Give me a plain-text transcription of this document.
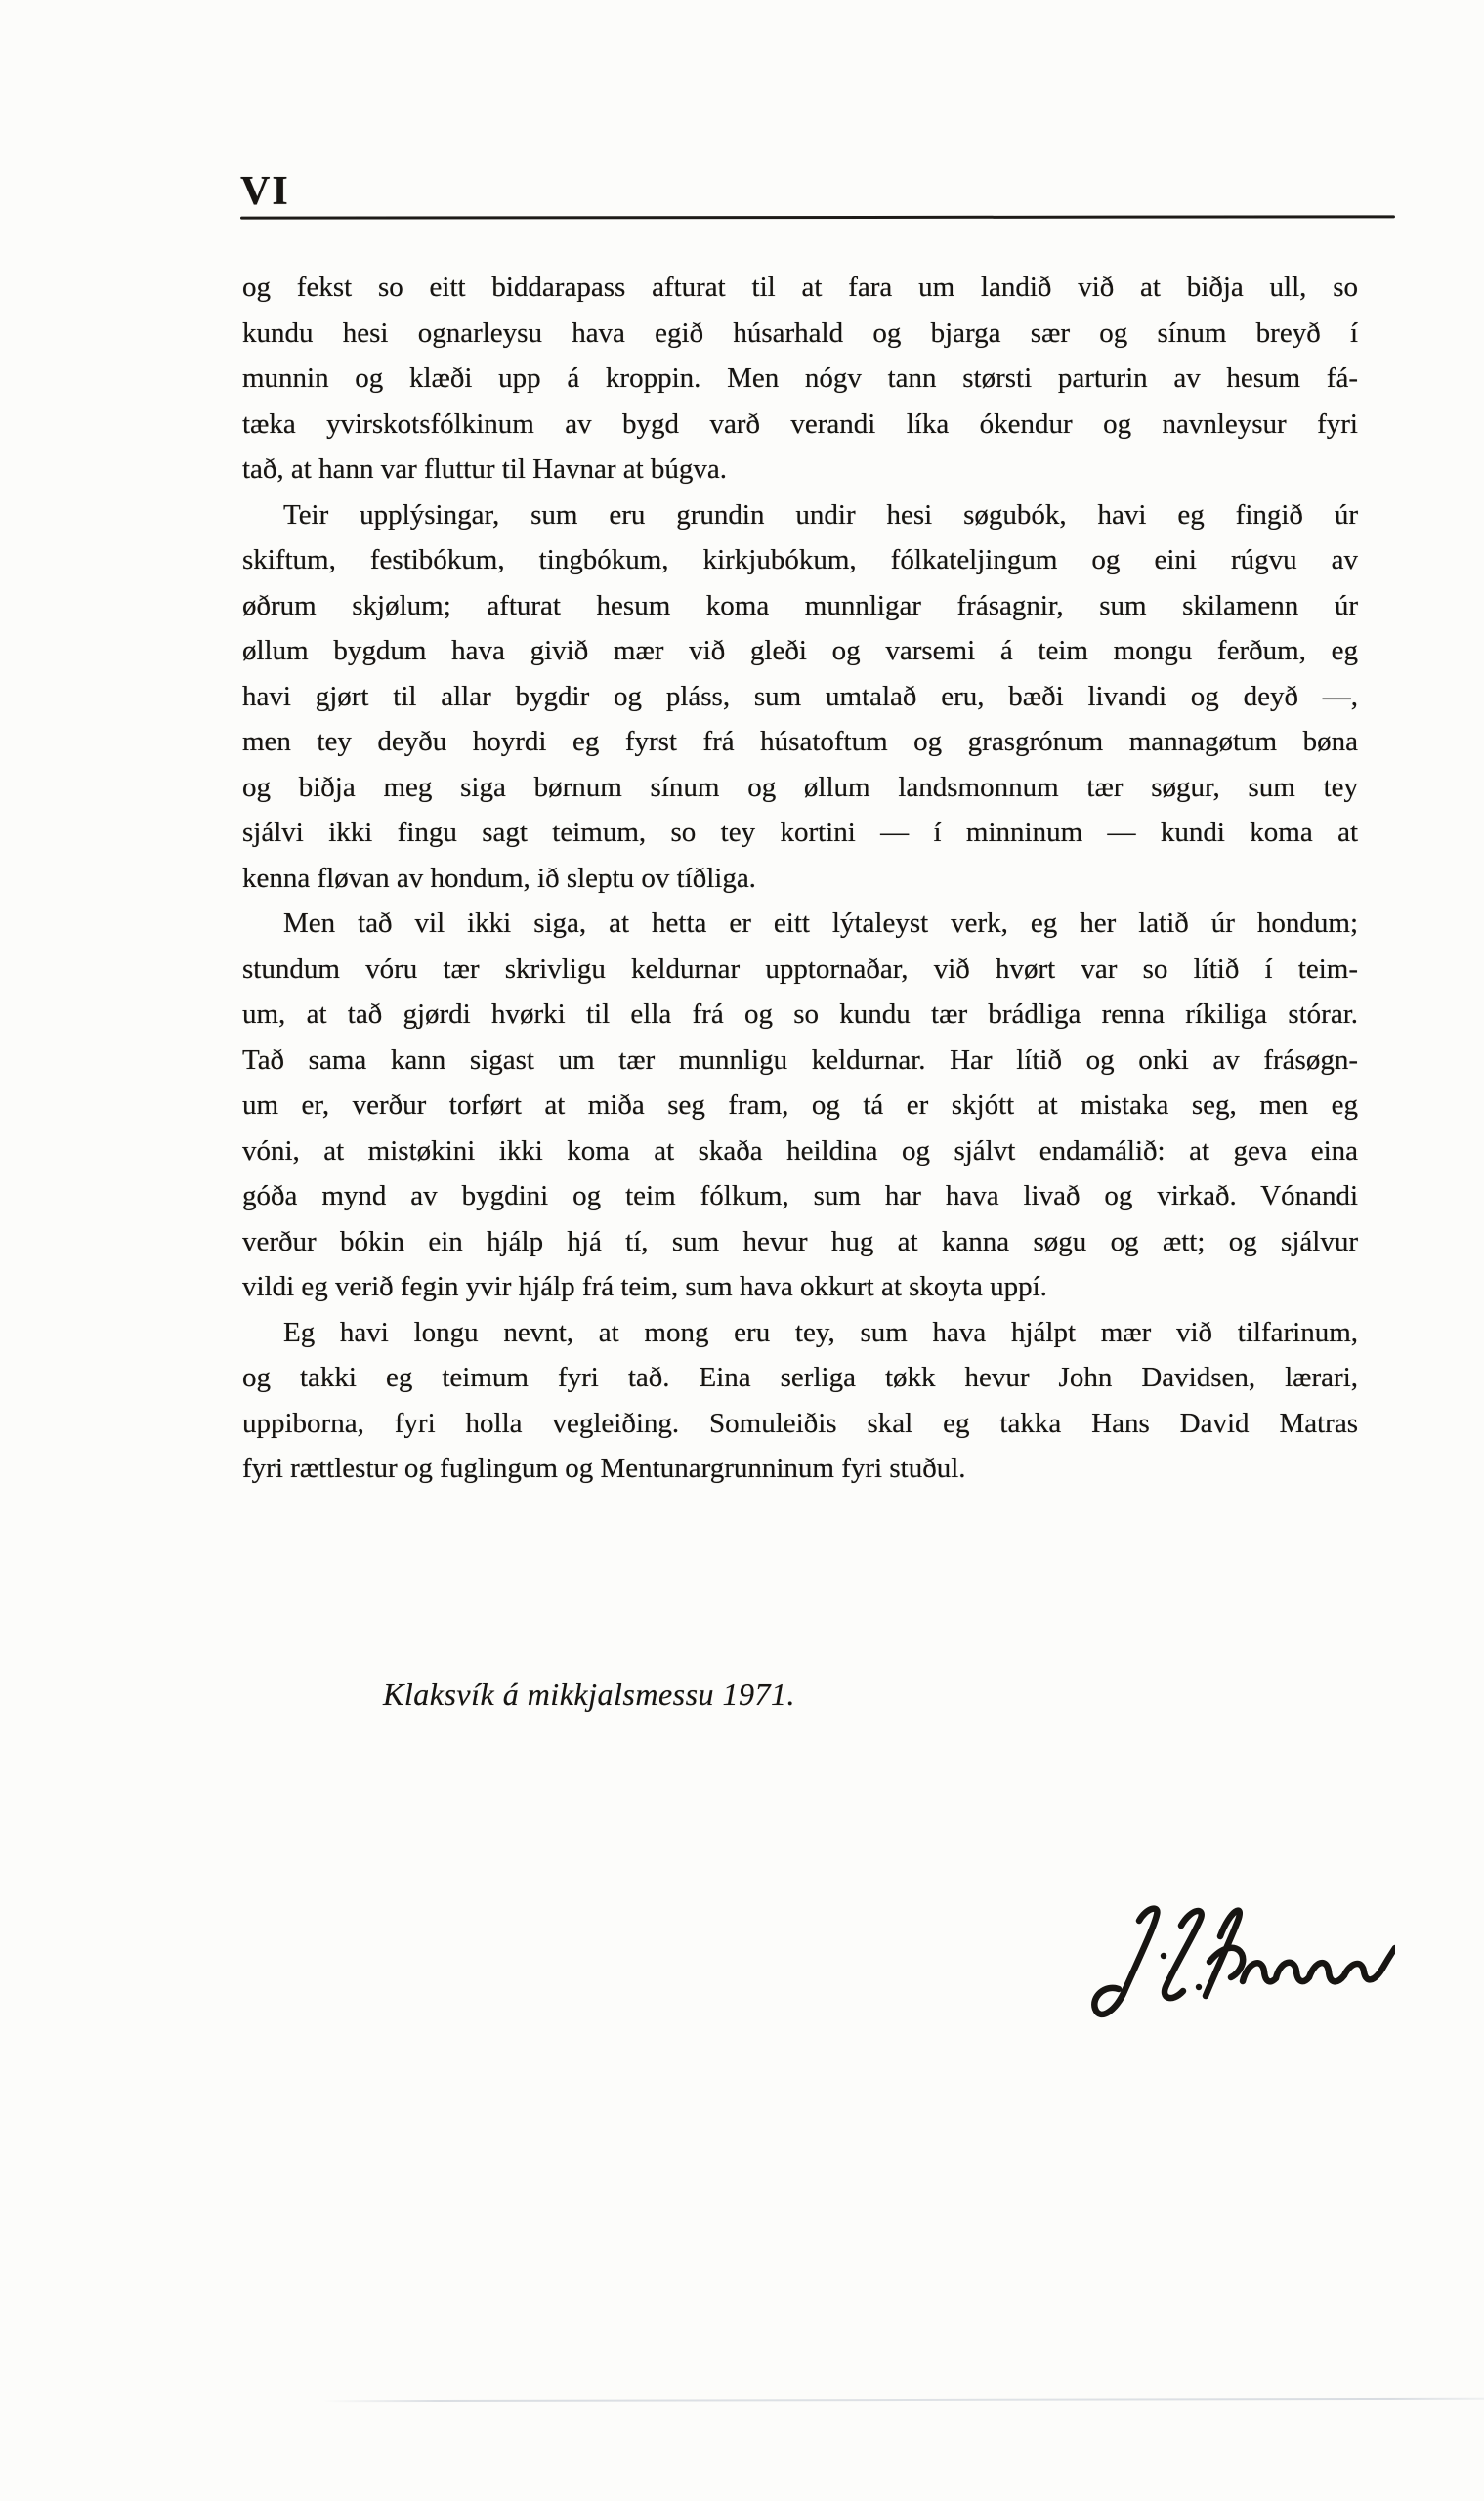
VI
og fekst so eitt biddarapass afturat til at fara um landið við at biðja ull, so
kundu hesi ognarleysu hava egið húsarhald og bjarga sær og sínum breyð í
munnin og klæði upp á kroppin. Men nógv tann størsti parturin av hesum fá-
tæka yvirskotsfólkinum av bygd varð verandi líka ókendur og navnleysur fyri
tað, at hann var fluttur til Havnar at búgva.
Teir upplýsingar, sum eru grundin undir hesi søgubók, havi eg fingið úr
skiftum, festibókum, tingbókum, kirkjubókum, fólkateljingum og eini rúgvu av
øðrum skjølum; afturat hesum koma munnligar frásagnir, sum skilamenn úr
øllum bygdum hava givið mær við gleði og varsemi á teim mongu ferðum, eg
havi gjørt til allar bygdir og pláss, sum umtalað eru, bæði livandi og deyð —,
men tey deyðu hoyrdi eg fyrst frá húsatoftum og grasgrónum mannagøtum bøna
og biðja meg siga børnum sínum og øllum landsmonnum tær søgur, sum tey
sjálvi ikki fingu sagt teimum, so tey kortini — í minninum — kundi koma at
kenna fløvan av hondum, ið sleptu ov tíðliga.
Men tað vil ikki siga, at hetta er eitt lýtaleyst verk, eg her latið úr hondum;
stundum vóru tær skrivligu keldurnar upptornaðar, við hvørt var so lítið í teim-
um, at tað gjørdi hvørki til ella frá og so kundu tær brádliga renna ríkiliga stórar.
Tað sama kann sigast um tær munnligu keldurnar. Har lítið og onki av frásøgn-
um er, verður torført at miða seg fram, og tá er skjótt at mistaka seg, men eg
vóni, at mistøkini ikki koma at skaða heildina og sjálvt endamálið: at geva eina
góða mynd av bygdini og teim fólkum, sum har hava livað og virkað. Vónandi
verður bókin ein hjálp hjá tí, sum hevur hug at kanna søgu og ætt; og sjálvur
vildi eg verið fegin yvir hjálp frá teim, sum hava okkurt at skoyta uppí.
Eg havi longu nevnt, at mong eru tey, sum hava hjálpt mær við tilfarinum,
og takki eg teimum fyri tað. Eina serliga tøkk hevur John Davidsen, lærari,
uppiborna, fyri holla vegleiðing. Somuleiðis skal eg takka Hans David Matras
fyri rættlestur og fuglingum og Mentunargrunninum fyri stuðul.
Klaksvík á mikkjalsmessu 1971.
